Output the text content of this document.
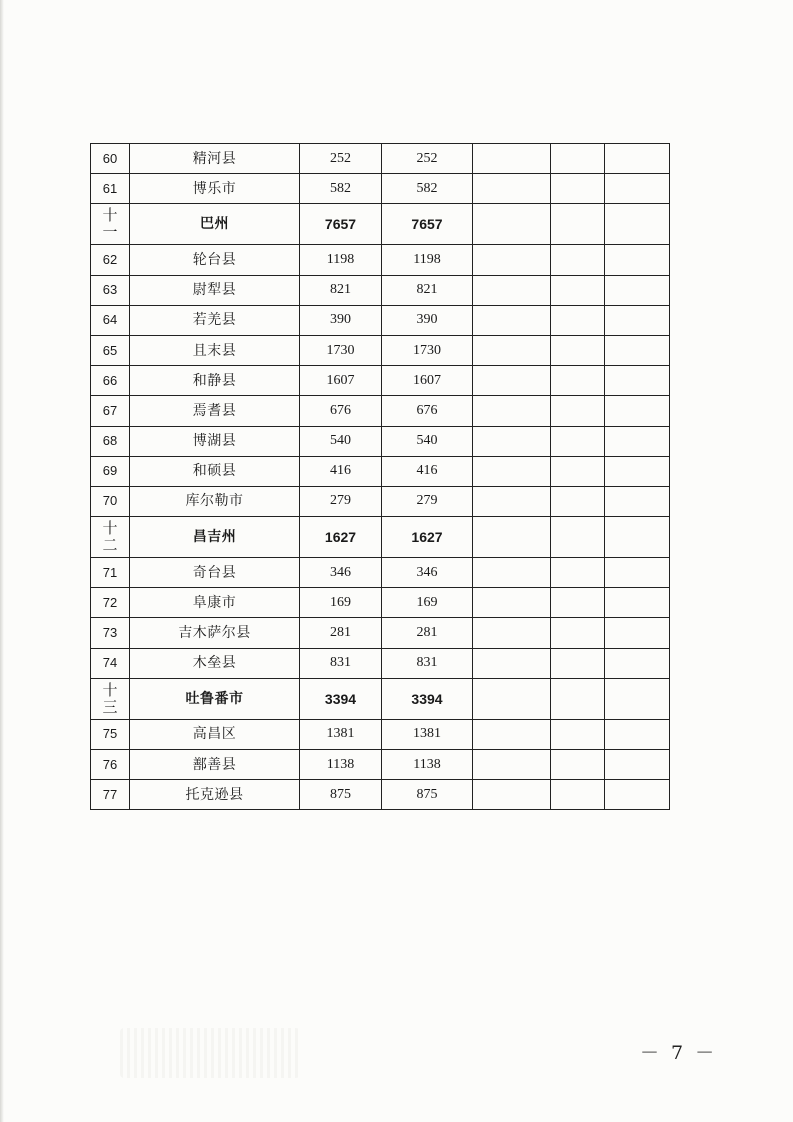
60	精河县	252	252			
61	博乐市	582	582			
十一	巴州	7657	7657			
62	轮台县	1198	1198			
63	尉犁县	821	821			
64	若羌县	390	390			
65	且末县	1730	1730			
66	和静县	1607	1607			
67	焉耆县	676	676			
68	博湖县	540	540			
69	和硕县	416	416			
70	库尔勒市	279	279			
十二	昌吉州	1627	1627			
71	奇台县	346	346			
72	阜康市	169	169			
73	吉木萨尔县	281	281			
74	木垒县	831	831			
十三	吐鲁番市	3394	3394			
75	高昌区	1381	1381			
76	鄯善县	1138	1138			
77	托克逊县	875	875			
－ 7 －
